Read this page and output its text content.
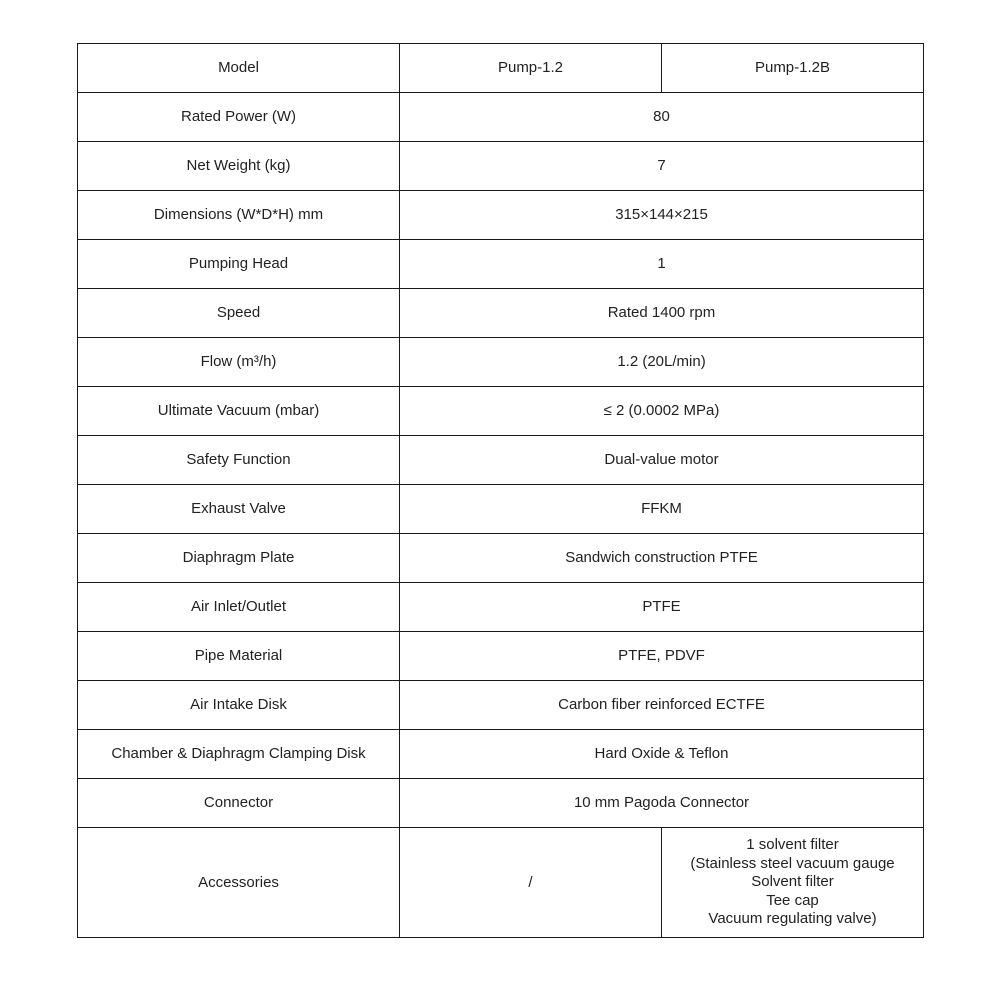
Model	Pump-1.2	Pump-1.2B
Rated Power (W)	80	
Net Weight (kg)	7	
Dimensions (W*D*H) mm	315×144×215	
Pumping Head	1	
Speed	Rated 1400 rpm	
Flow (m³/h)	1.2 (20L/min)	
Ultimate Vacuum (mbar)	≤ 2 (0.0002 MPa)	
Safety Function	Dual-value motor	
Exhaust Valve	FFKM	
Diaphragm Plate	Sandwich construction PTFE	
Air Inlet/Outlet	PTFE	
Pipe Material	PTFE, PDVF	
Air Intake Disk	Carbon fiber reinforced ECTFE	
Chamber & Diaphragm Clamping Disk	Hard Oxide & Teflon	
Connector	10 mm Pagoda Connector	
Accessories	/	1 solvent filter
(Stainless steel vacuum gauge
Solvent filter
Tee cap
Vacuum regulating valve)
